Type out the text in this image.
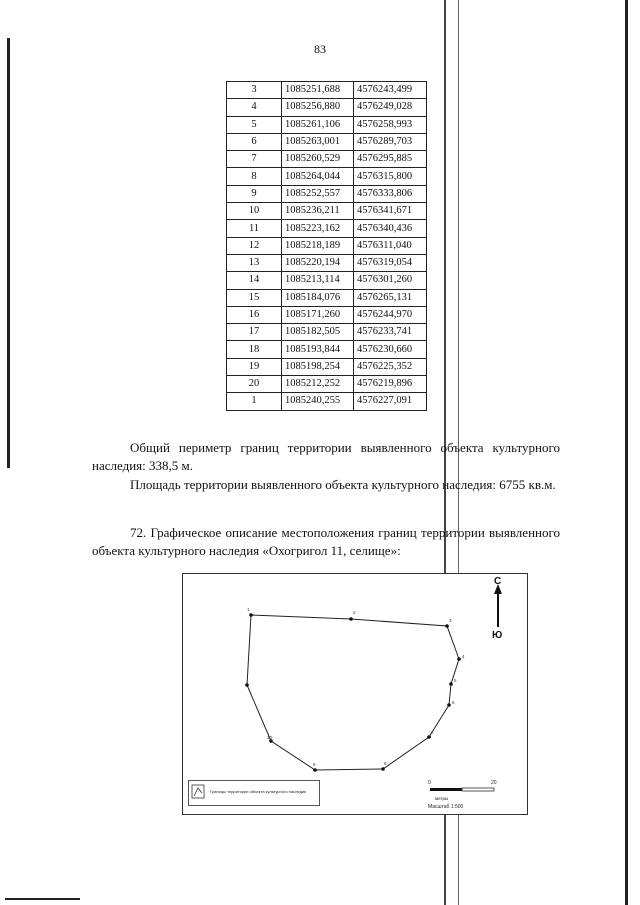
83
3	1085251,688	4576243,499
4	1085256,880	4576249,028
5	1085261,106	4576258,993
6	1085263,001	4576289,703
7	1085260,529	4576295,885
8	1085264,044	4576315,800
9	1085252,557	4576333,806
10	1085236,211	4576341,671
11	1085223,162	4576340,436
12	1085218,189	4576311,040
13	1085220,194	4576319,054
14	1085213,114	4576301,260
15	1085184,076	4576265,131
16	1085171,260	4576244,970
17	1085182,505	4576233,741
18	1085193,844	4576230,660
19	1085198,254	4576225,352
20	1085212,252	4576219,896
1	1085240,255	4576227,091
Общий периметр границ территории выявленного объекта культурного наследия: 338,5 м.
Площадь территории выявленного объекта культурного наследия: 6755 кв.м.
72. Графическое описание местоположения границ территории выявленного объекта культурного наследия «Охогригол 11, селище»:
1
2
3
4
5
6
7
8
9
10
С
Ю
Границы территории объекта культурного наследия
0	20
метры
Масштаб 1:500
